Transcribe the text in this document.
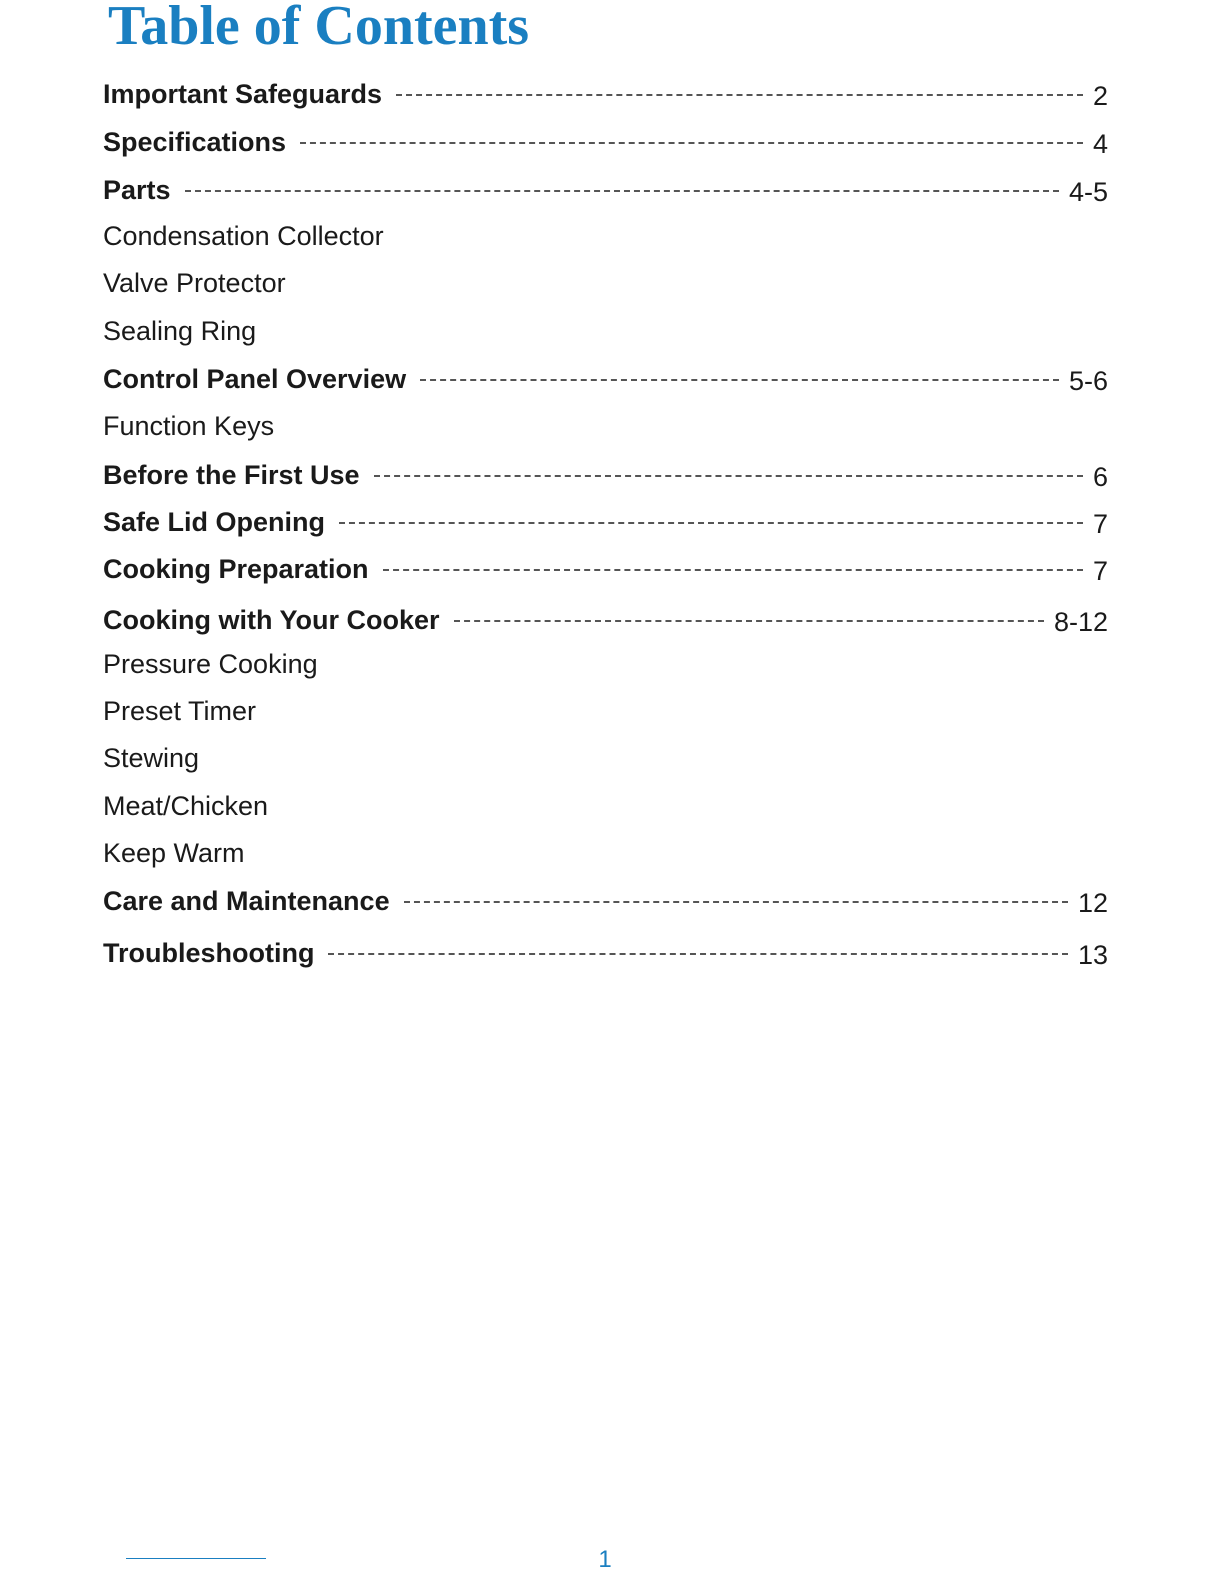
Table of Contents
Important Safeguards	2
Specifications	4
Parts	4-5
Condensation Collector
Valve Protector
Sealing Ring
Control Panel Overview	5-6
Function Keys
Before the First Use	6
Safe Lid Opening	7
Cooking Preparation	7
Cooking with Your Cooker	8-12
Pressure Cooking
Preset Timer
Stewing
Meat/Chicken
Keep Warm
Care and Maintenance	12
Troubleshooting	13
1
